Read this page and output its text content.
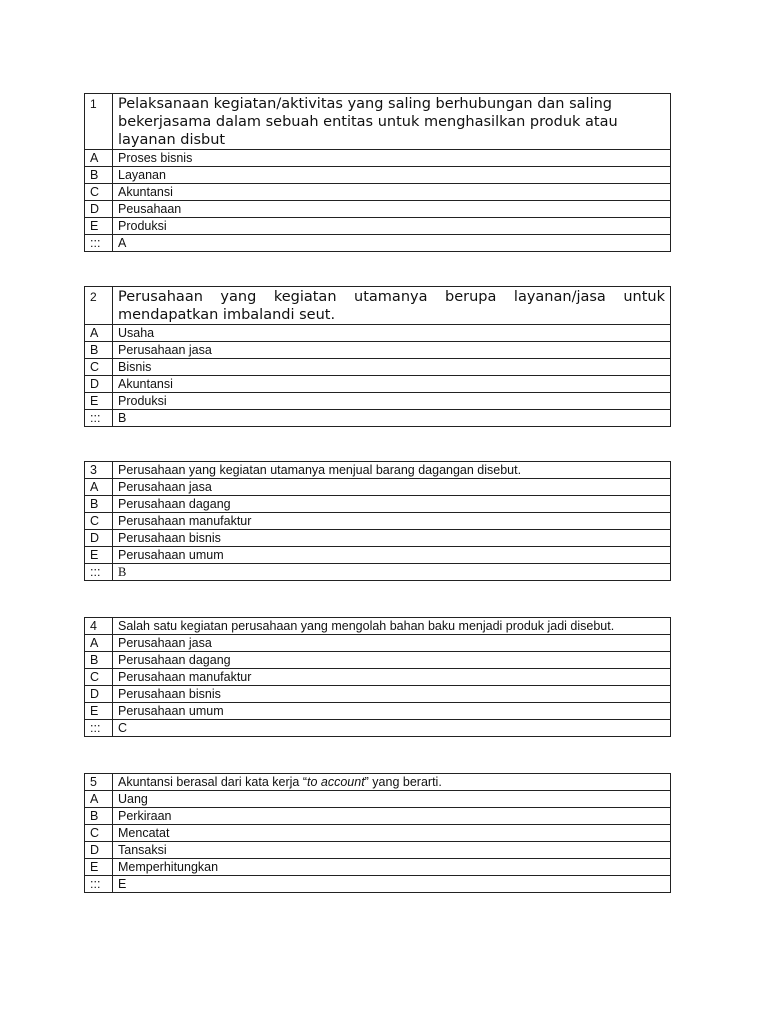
1	Pelaksanaan kegiatan/aktivitas yang saling berhubungan dan saling bekerjasama dalam sebuah entitas untuk menghasilkan produk atau layanan disbut
A	Proses bisnis
B	Layanan
C	Akuntansi
D	Peusahaan
E	Produksi
:::	A
2	Perusahaan yang kegiatan utamanya berupa layanan/jasa untuk mendapatkan imbalandi seut.
A	Usaha
B	Perusahaan jasa
C	Bisnis
D	Akuntansi
E	Produksi
:::	B
3	Perusahaan yang kegiatan utamanya menjual barang dagangan disebut.
A	Perusahaan jasa
B	Perusahaan dagang
C	Perusahaan manufaktur
D	Perusahaan bisnis
E	Perusahaan umum
:::	B
4	Salah satu kegiatan perusahaan yang mengolah bahan baku menjadi produk jadi disebut.
A	Perusahaan jasa
B	Perusahaan dagang
C	Perusahaan manufaktur
D	Perusahaan bisnis
E	Perusahaan umum
:::	C
5	Akuntansi berasal dari kata kerja “to account” yang berarti.
A	Uang
B	Perkiraan
C	Mencatat
D	Tansaksi
E	Memperhitungkan
:::	E
